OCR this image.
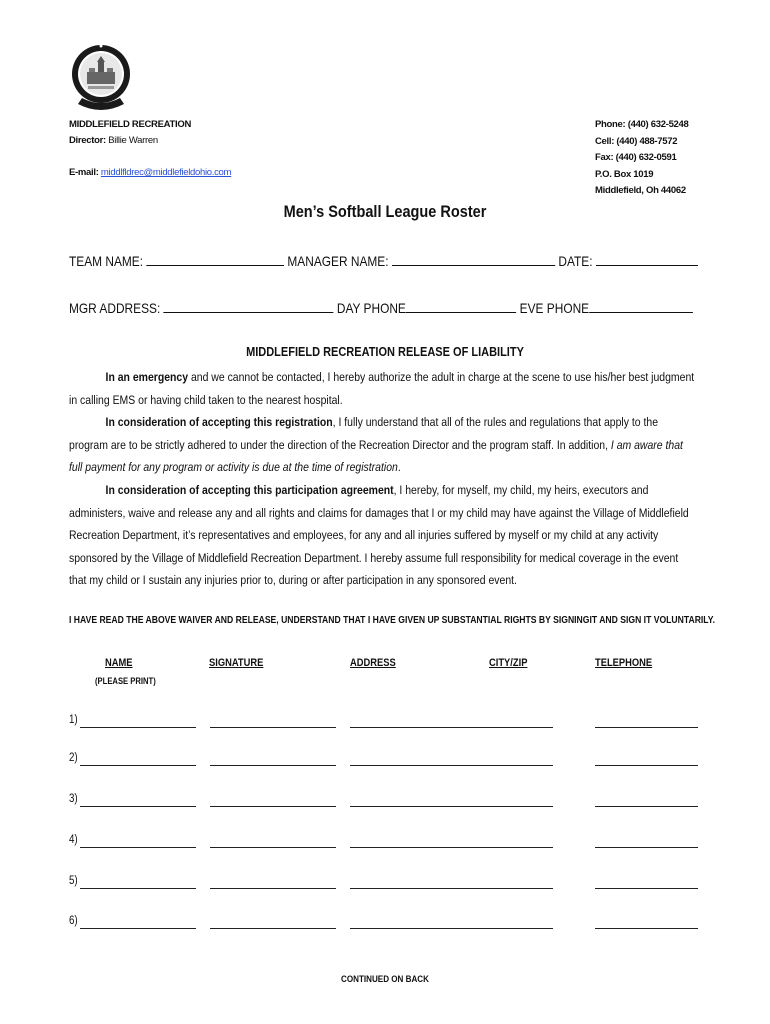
MIDDLEFIELD RECREATION
Director: Billie Warren
E-mail: middlfldrec@middlefieldohio.com
Phone: (440) 632-5248
Cell: (440) 488-7572
Fax: (440) 632-0591
P.O. Box 1019
Middlefield, Oh 44062
Men’s Softball League Roster
TEAM NAME:	MANAGER NAME:	DATE:
MGR ADDRESS:	DAY PHONE	EVE PHONE
MIDDLEFIELD RECREATION RELEASE OF LIABILITY
In an emergency and we cannot be contacted, I hereby authorize the adult in charge at the scene to use his/her best judgment in calling EMS or having child taken to the nearest hospital.
In consideration of accepting this registration, I fully understand that all of the rules and regulations that apply to the program are to be strictly adhered to under the direction of the Recreation Director and the program staff. In addition, I am aware that full payment for any program or activity is due at the time of registration.
In consideration of accepting this participation agreement, I hereby, for myself, my child, my heirs, executors and administers, waive and release any and all rights and claims for damages that I or my child may have against the Village of Middlefield Recreation Department, it’s representatives and employees, for any and all injuries suffered by myself or my child at any activity sponsored by the Village of Middlefield Recreation Department. I hereby assume full responsibility for medical coverage in the event that my child or I sustain any injuries prior to, during or after participation in any sponsored event.
I HAVE READ THE ABOVE WAIVER AND RELEASE, UNDERSTAND THAT I HAVE GIVEN UP SUBSTANTIAL RIGHTS BY SIGNINGIT AND SIGN IT VOLUNTARILY.
NAME	SIGNATURE	ADDRESS	CITY/ZIP	TELEPHONE
(PLEASE PRINT)
1)
2)
3)
4)
5)
6)
CONTINUED ON BACK
